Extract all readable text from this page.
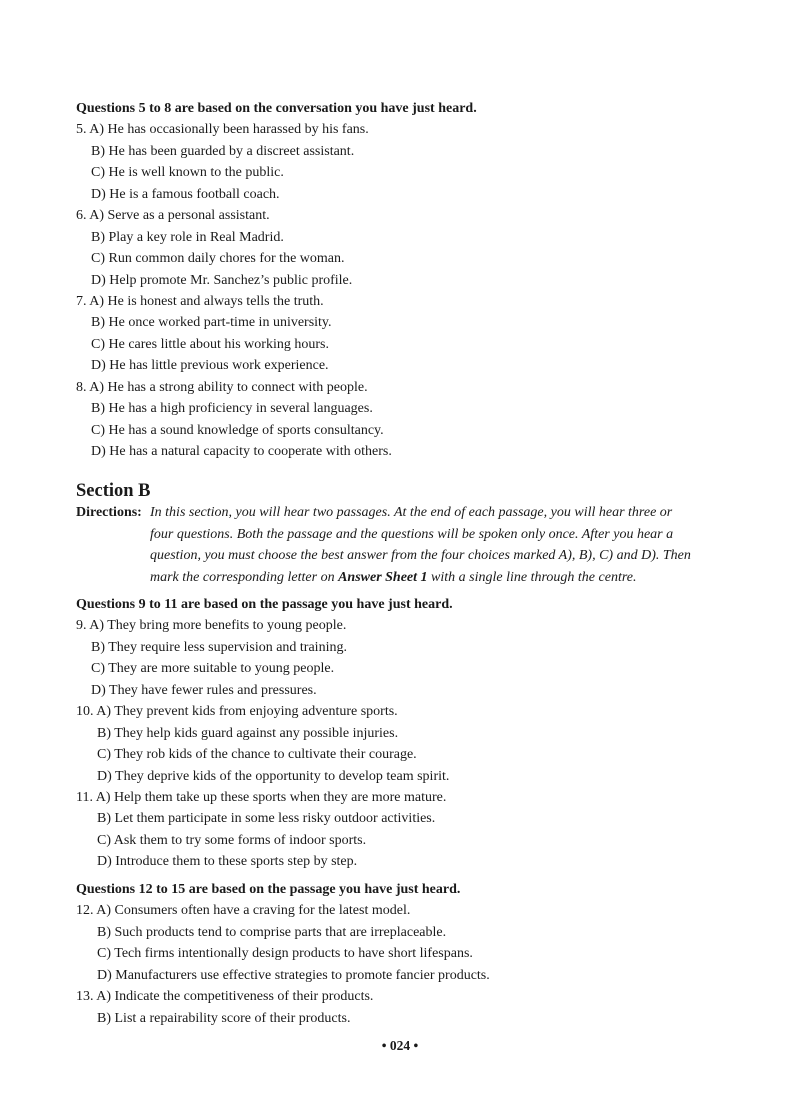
Questions 5 to 8 are based on the conversation you have just heard.
5. A) He has occasionally been harassed by his fans.
B) He has been guarded by a discreet assistant.
C) He is well known to the public.
D) He is a famous football coach.
6. A) Serve as a personal assistant.
B) Play a key role in Real Madrid.
C) Run common daily chores for the woman.
D) Help promote Mr. Sanchez’s public profile.
7. A) He is honest and always tells the truth.
B) He once worked part-time in university.
C) He cares little about his working hours.
D) He has little previous work experience.
8. A) He has a strong ability to connect with people.
B) He has a high proficiency in several languages.
C) He has a sound knowledge of sports consultancy.
D) He has a natural capacity to cooperate with others.
Section B
Directions: In this section, you will hear two passages. At the end of each passage, you will hear three or
four questions. Both the passage and the questions will be spoken only once. After you hear a
question, you must choose the best answer from the four choices marked A), B), C) and D). Then
mark the corresponding letter on Answer Sheet 1 with a single line through the centre.
Questions 9 to 11 are based on the passage you have just heard.
9. A) They bring more benefits to young people.
B) They require less supervision and training.
C) They are more suitable to young people.
D) They have fewer rules and pressures.
10. A) They prevent kids from enjoying adventure sports.
B) They help kids guard against any possible injuries.
C) They rob kids of the chance to cultivate their courage.
D) They deprive kids of the opportunity to develop team spirit.
11. A) Help them take up these sports when they are more mature.
B) Let them participate in some less risky outdoor activities.
C) Ask them to try some forms of indoor sports.
D) Introduce them to these sports step by step.
Questions 12 to 15 are based on the passage you have just heard.
12. A) Consumers often have a craving for the latest model.
B) Such products tend to comprise parts that are irreplaceable.
C) Tech firms intentionally design products to have short lifespans.
D) Manufacturers use effective strategies to promote fancier products.
13. A) Indicate the competitiveness of their products.
B) List a repairability score of their products.
• 024 •
